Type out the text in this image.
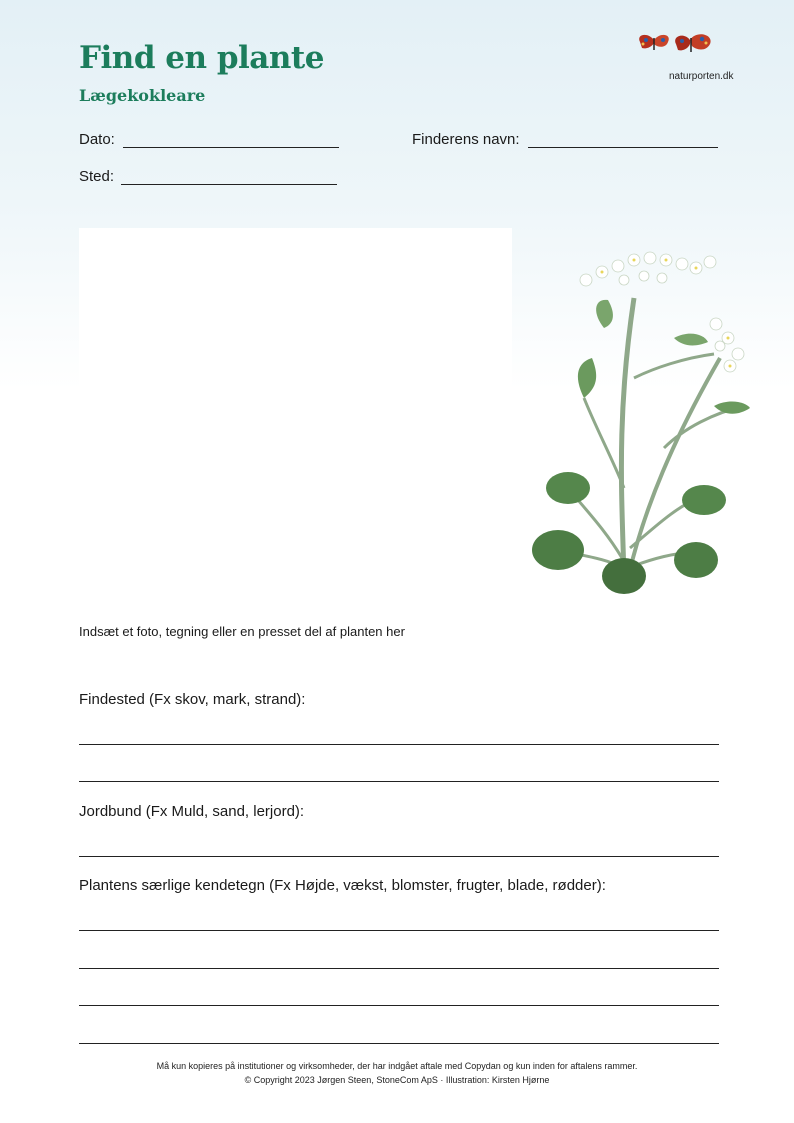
Find en plante
Lægekokleare
naturporten.dk
Dato:	Finderens navn:
Sted:
Indsæt et foto, tegning eller en presset del af planten her
Findested (Fx skov, mark, strand):
Jordbund (Fx Muld, sand, lerjord):
Plantens særlige kendetegn (Fx Højde, vækst, blomster, frugter, blade, rødder):
Må kun kopieres på institutioner og virksomheder, der har indgået aftale med Copydan og kun inden for aftalens rammer.
© Copyright 2023 Jørgen Steen, StoneCom ApS · Illustration: Kirsten Hjørne
